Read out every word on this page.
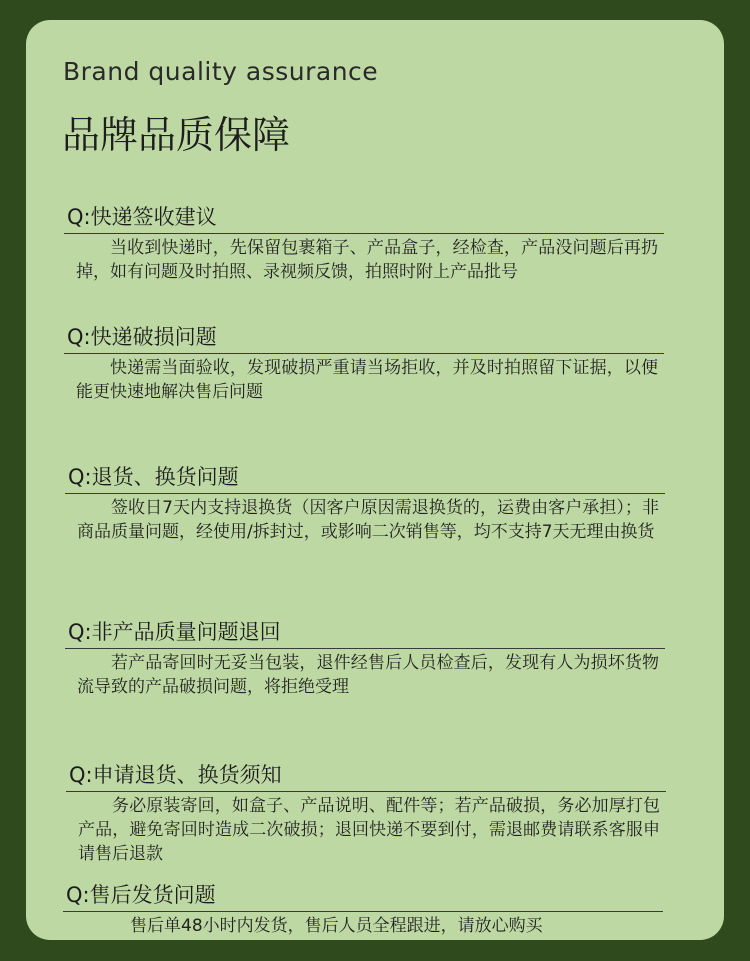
Brand quality assurance
品牌品质保障
Q:快递签收建议
当收到快递时，先保留包裹箱子、产品盒子，经检查，产品没问题后再扔掉，如有问题及时拍照、录视频反馈，拍照时附上产品批号
Q:快递破损问题
快递需当面验收，发现破损严重请当场拒收，并及时拍照留下证据，以便能更快速地解决售后问题
Q:退货、换货问题
签收日7天内支持退换货（因客户原因需退换货的，运费由客户承担）；非商品质量问题，经使用/拆封过，或影响二次销售等，均不支持7天无理由换货
Q:非产品质量问题退回
若产品寄回时无妥当包装，退件经售后人员检查后，发现有人为损坏货物流导致的产品破损问题，将拒绝受理
Q:申请退货、换货须知
务必原装寄回，如盒子、产品说明、配件等；若产品破损，务必加厚打包产品，避免寄回时造成二次破损；退回快递不要到付，需退邮费请联系客服申请售后退款
Q:售后发货问题
售后单48小时内发货，售后人员全程跟进，请放心购买
